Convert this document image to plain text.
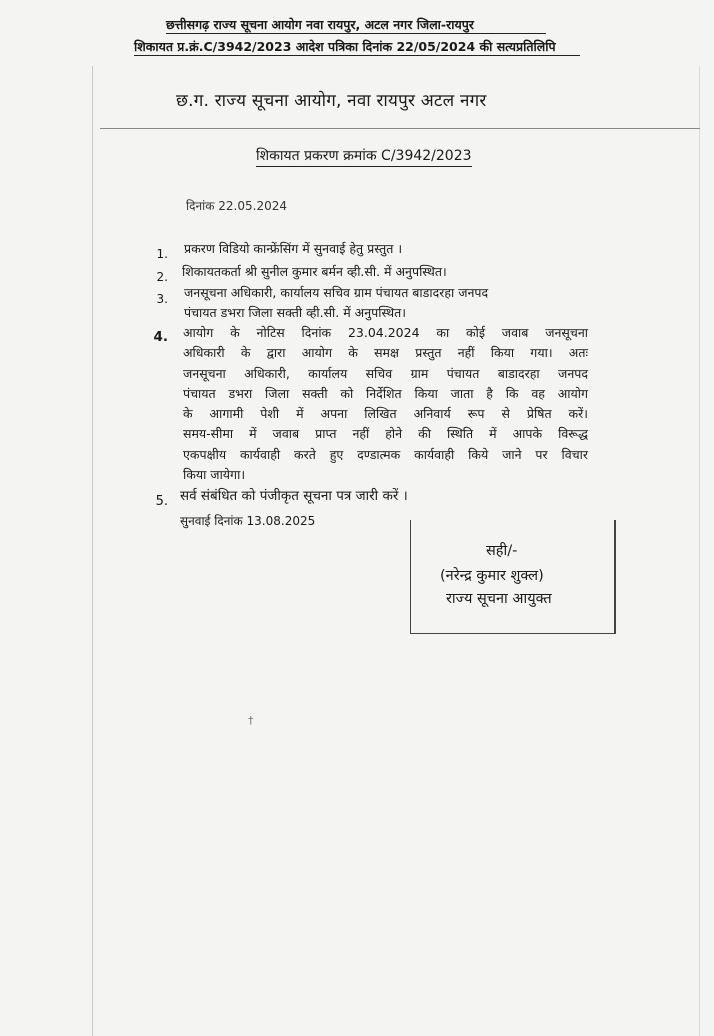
छत्तीसगढ़ राज्य सूचना आयोग नवा रायपुर, अटल नगर जिला-रायपुर
शिकायत प्र.क्रं.C/3942/2023 आदेश पत्रिका दिनांक 22/05/2024 की सत्यप्रतिलिपि
छ.ग. राज्य सूचना आयोग, नवा रायपुर अटल नगर
शिकायत प्रकरण क्रमांक C/3942/2023
दिनांक 22.05.2024
1. प्रकरण विडियो कान्फ्रेंसिंग में सुनवाई हेतु प्रस्तुत ।
2. शिकायतकर्ता श्री सुनील कुमार बर्मन व्ही.सी. में अनुपस्थित।
3. जनसूचना अधिकारी, कार्यालय सचिव ग्राम पंचायत बाडादरहा जनपद
पंचायत डभरा जिला सक्ती व्ही.सी. में अनुपस्थित।
4. आयोग के नोटिस दिनांक 23.04.2024 का कोई जवाब जनसूचना
अधिकारी के द्वारा आयोग के समक्ष प्रस्तुत नहीं किया गया। अतः
जनसूचना अधिकारी, कार्यालय सचिव ग्राम पंचायत बाडादरहा जनपद
पंचायत डभरा जिला सक्ती को निर्देशित किया जाता है कि वह आयोग
के आगामी पेशी में अपना लिखित अनिवार्य रूप से प्रेषित करें।
समय-सीमा में जवाब प्राप्त नहीं होने की स्थिति में आपके विरूद्ध
एकपक्षीय कार्यवाही करते हुए दण्डात्मक कार्यवाही किये जाने पर विचार
किया जायेगा।
5. सर्व संबंधित को पंजीकृत सूचना पत्र जारी करें ।
सुनवाई दिनांक 13.08.2025
सही/-
(नरेन्द्र कुमार शुक्ल)
राज्य सूचना आयुक्त
†
